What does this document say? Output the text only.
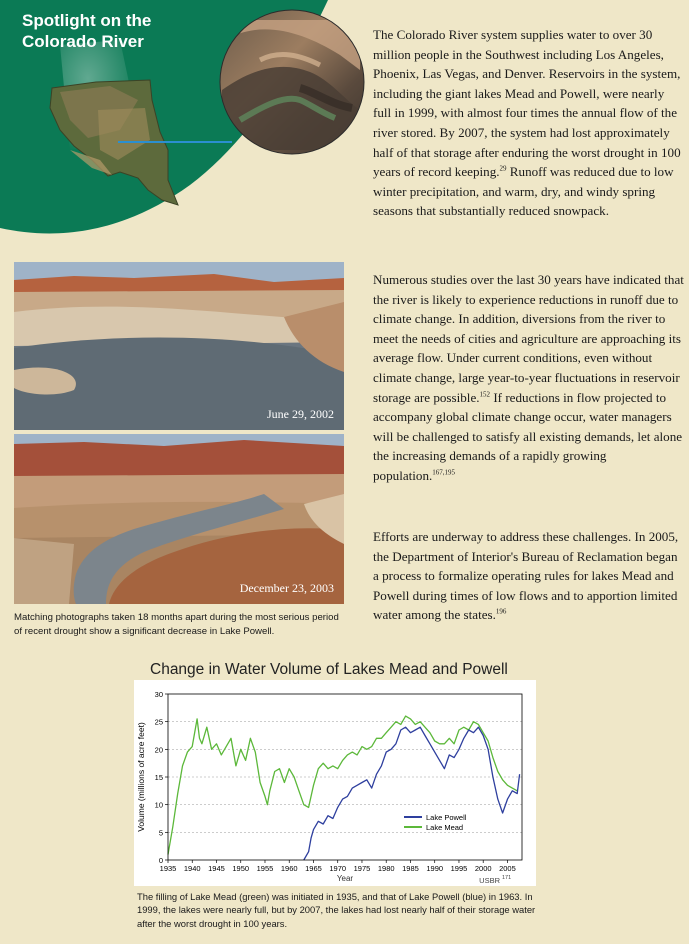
Spotlight on the Colorado River	The Colorado River system supplies water to over 30 million people in the Southwest including Los Angeles, Phoenix, Las Vegas, and Denver. Reservoirs in the system, including the giant lakes Mead and Powell, were nearly full in 1999, with almost four times the annual flow of the river stored. By 2007, the system had lost approximately half of that storage after enduring the worst drought in 100 years of record keeping.$^{29}$ Runoff was reduced due to low winter precipitation, and warm, dry, and windy spring seasons that substantially reduced snowpack.

Numerous studies over the last 30 years have indicated that the river is likely to experience reductions in runoff due to climate change. In addition, diversions from the river to meet the needs of cities and agriculture are approaching its average flow. Under current conditions, even without climate change, large year-to-year fluctuations in reservoir storage are possible.$^{152}$ If reductions in flow projected to accompany global climate change occur, water managers will be challenged to satisfy all existing demands, let alone the increasing demands of a rapidly growing population.$^{167,195}$

Efforts are underway to address these challenges. In 2005, the Department of Interior's Bureau of Reclamation began a process to formalize operating rules for lakes Mead and Powell during times of low flows and to apportion limited water among the states.$^{196}$

June 29, 2002
December 23, 2003

Matching photographs taken 18 months apart during the most serious period of recent drought show a significant decrease in Lake Powell.

Change in Water Volume of Lakes Mead and Powell
0
5
10
15
20
25
30
1935 1940 1945 1950 1955 1960 1965 1970 1975 1980 1985 1990 1995 2000 2005
Volume (millions of acre feet)
Year	USBR 171
Lake Powell
Lake Mead

The filling of Lake Mead (green) was initiated in 1935, and that of Lake Powell (blue) in 1963. In 1999, the lakes were nearly full, but by 2007, the lakes had lost nearly half of their storage water after the worst drought in 100 years.
